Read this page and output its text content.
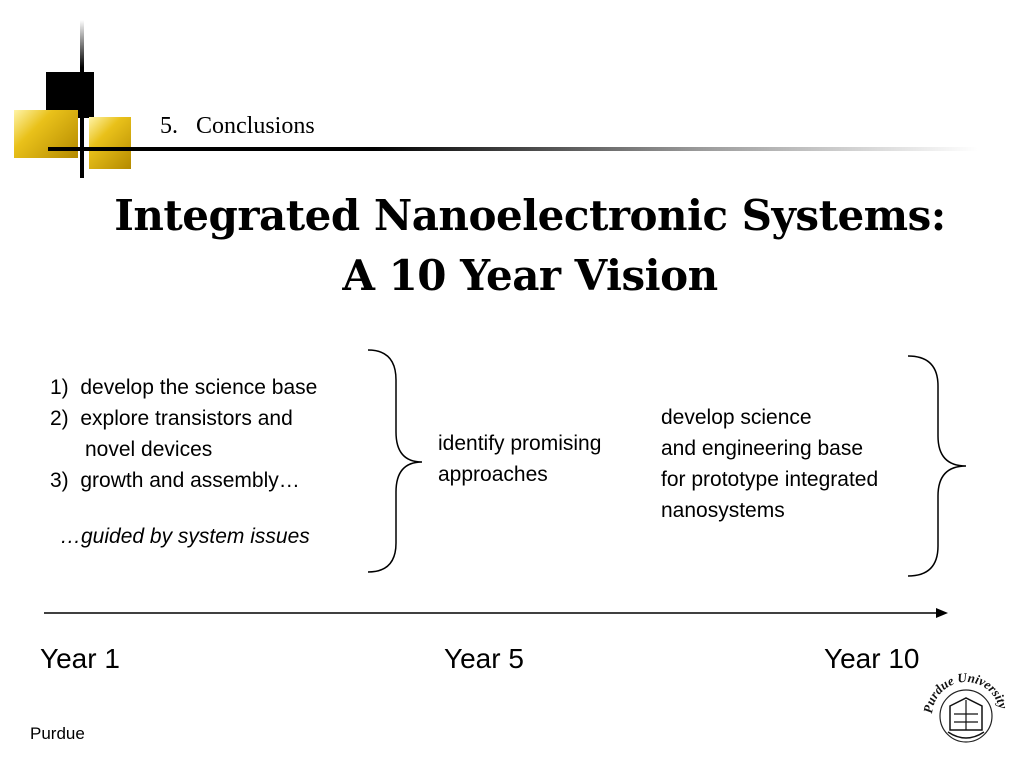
5.   Conclusions
Integrated Nanoelectronic Systems:
A 10 Year Vision
1)  develop the science base
2)  explore transistors and
novel devices
3)  growth and assembly…
…guided by system issues
identify promising
approaches
develop science
and engineering base
for prototype integrated
nanosystems
Year 1	Year 5	Year 10
Purdue
Purdue University
